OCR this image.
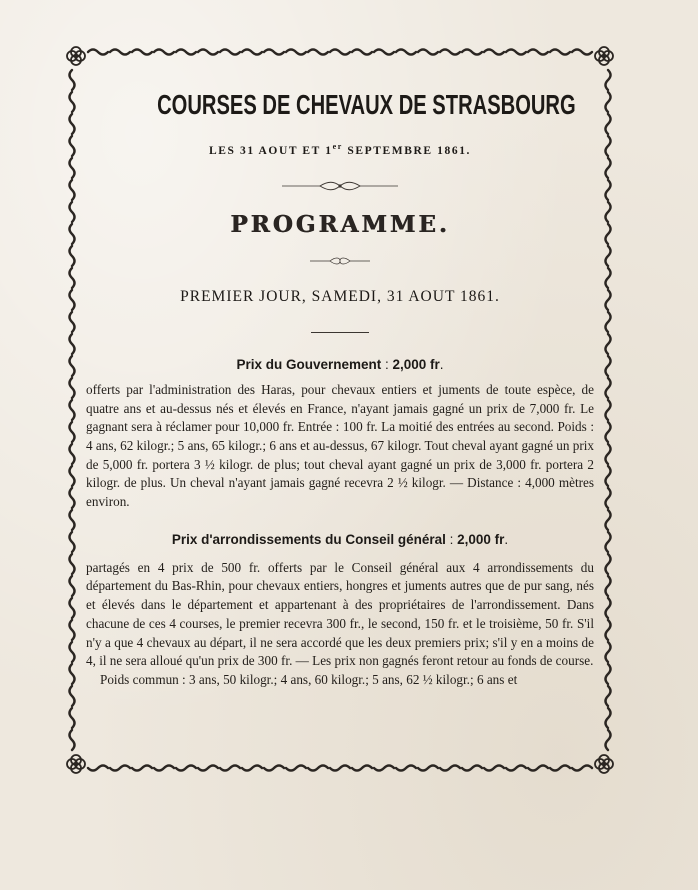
COURSES DE CHEVAUX DE STRASBOURG
LES 31 AOUT ET 1er SEPTEMBRE 1861.
PROGRAMME.
PREMIER JOUR, SAMEDI, 31 AOUT 1861.
Prix du Gouvernement : 2,000 fr.
offerts par l'administration des Haras, pour chevaux entiers et juments de toute espèce, de quatre ans et au-dessus nés et élevés en France, n'ayant jamais gagné un prix de 7,000 fr. Le gagnant sera à réclamer pour 10,000 fr. Entrée : 100 fr. La moitié des entrées au second. Poids : 4 ans, 62 kilogr.; 5 ans, 65 kilogr.; 6 ans et au-dessus, 67 kilogr. Tout cheval ayant gagné un prix de 5,000 fr. portera 3 ½ kilogr. de plus; tout cheval ayant gagné un prix de 3,000 fr. portera 2 kilogr. de plus. Un cheval n'ayant jamais gagné recevra 2 ½ kilogr. — Distance : 4,000 mètres environ.
Prix d'arrondissements du Conseil général : 2,000 fr.
partagés en 4 prix de 500 fr. offerts par le Conseil général aux 4 arrondissements du département du Bas-Rhin, pour chevaux entiers, hongres et juments autres que de pur sang, nés et élevés dans le département et appartenant à des propriétaires de l'arrondissement. Dans chacune de ces 4 courses, le premier recevra 300 fr., le second, 150 fr. et le troisième, 50 fr. S'il n'y a que 4 chevaux au départ, il ne sera accordé que les deux premiers prix; s'il y en a moins de 4, il ne sera alloué qu'un prix de 300 fr. — Les prix non gagnés feront retour au fonds de course.
Poids commun : 3 ans, 50 kilogr.; 4 ans, 60 kilogr.; 5 ans, 62 ½ kilogr.; 6 ans et
